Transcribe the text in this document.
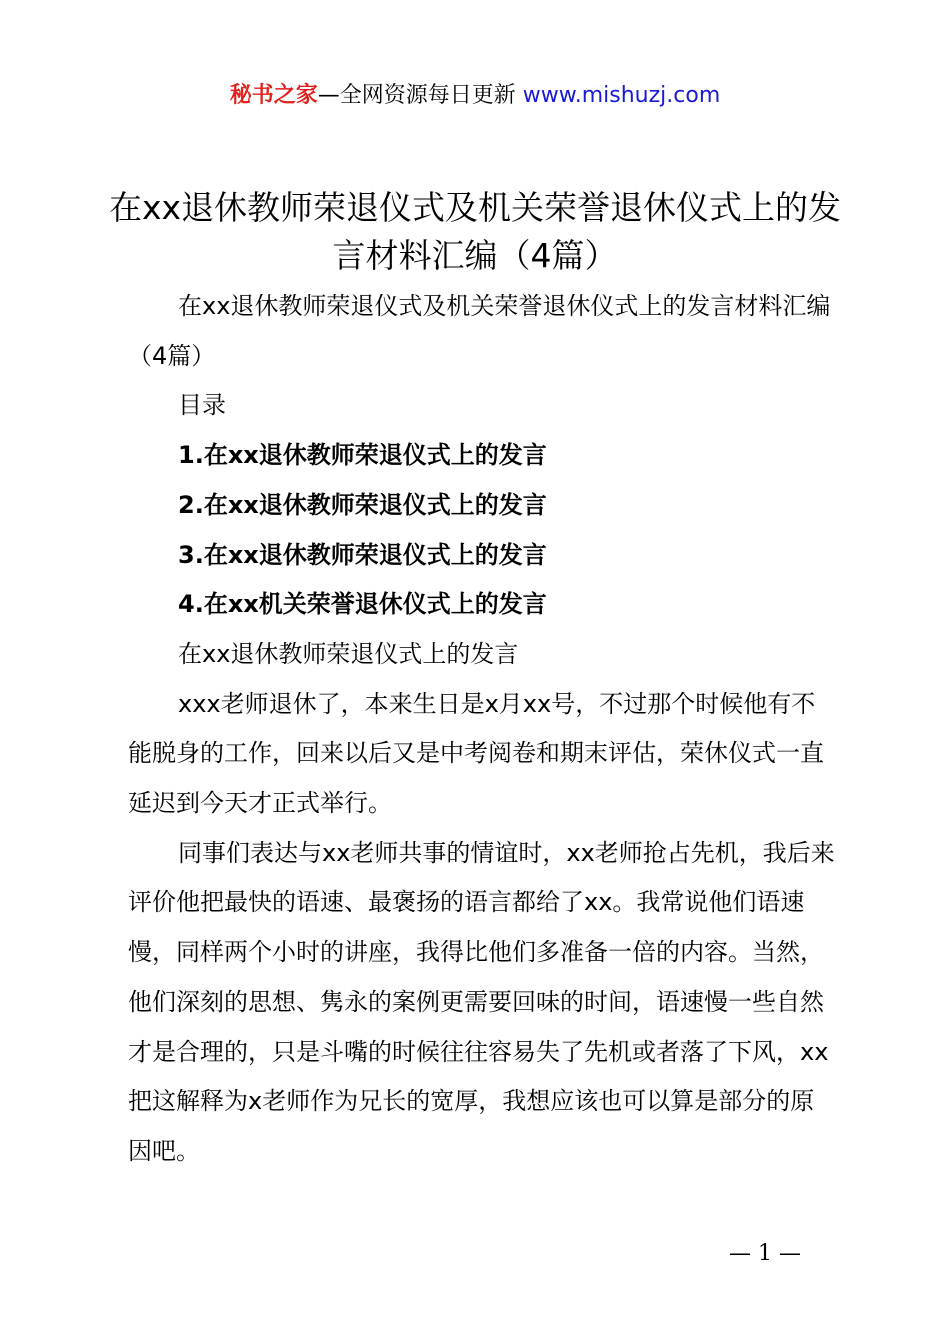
秘书之家—全网资源每日更新 www.mishuzj.com
在xx退休教师荣退仪式及机关荣誉退休仪式上的发言材料汇编（4篇）

在xx退休教师荣退仪式及机关荣誉退休仪式上的发言材料汇编（4篇）

目录

1.在xx退休教师荣退仪式上的发言

2.在xx退休教师荣退仪式上的发言

3.在xx退休教师荣退仪式上的发言

4.在xx机关荣誉退休仪式上的发言

在xx退休教师荣退仪式上的发言

xxx老师退休了，本来生日是x月xx号，不过那个时候他有不能脱身的工作，回来以后又是中考阅卷和期末评估，荣休仪式一直延迟到今天才正式举行。

同事们表达与xx老师共事的情谊时，xx老师抢占先机，我后来评价他把最快的语速、最褒扬的语言都给了xx。我常说他们语速慢，同样两个小时的讲座，我得比他们多准备一倍的内容。当然，他们深刻的思想、隽永的案例更需要回味的时间，语速慢一些自然才是合理的，只是斗嘴的时候往往容易失了先机或者落了下风，xx把这解释为x老师作为兄长的宽厚，我想应该也可以算是部分的原因吧。

— 1 —
